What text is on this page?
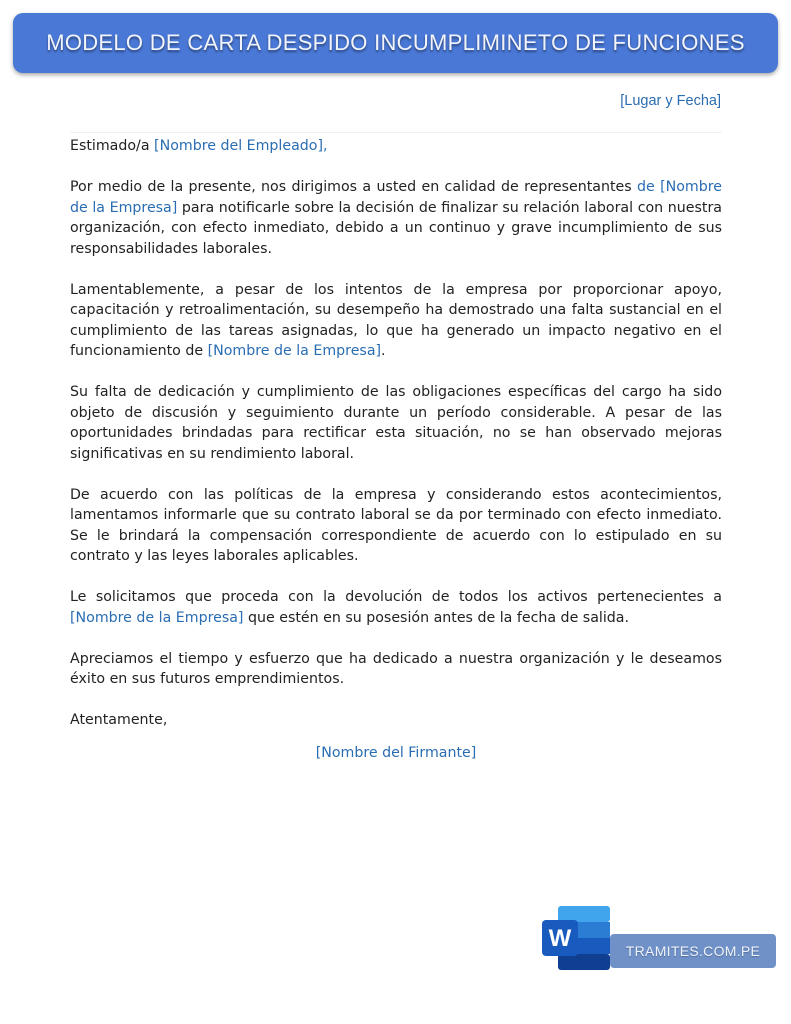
MODELO DE CARTA DESPIDO INCUMPLIMINETO DE FUNCIONES
[Lugar y Fecha]

Estimado/a [Nombre del Empleado],

Por medio de la presente, nos dirigimos a usted en calidad de representantes de [Nombre de la Empresa] para notificarle sobre la decisión de finalizar su relación laboral con nuestra organización, con efecto inmediato, debido a un continuo y grave incumplimiento de sus responsabilidades laborales.

Lamentablemente, a pesar de los intentos de la empresa por proporcionar apoyo, capacitación y retroalimentación, su desempeño ha demostrado una falta sustancial en el cumplimiento de las tareas asignadas, lo que ha generado un impacto negativo en el funcionamiento de [Nombre de la Empresa].

Su falta de dedicación y cumplimiento de las obligaciones específicas del cargo ha sido objeto de discusión y seguimiento durante un período considerable. A pesar de las oportunidades brindadas para rectificar esta situación, no se han observado mejoras significativas en su rendimiento laboral.

De acuerdo con las políticas de la empresa y considerando estos acontecimientos, lamentamos informarle que su contrato laboral se da por terminado con efecto inmediato. Se le brindará la compensación correspondiente de acuerdo con lo estipulado en su contrato y las leyes laborales aplicables.

Le solicitamos que proceda con la devolución de todos los activos pertenecientes a [Nombre de la Empresa] que estén en su posesión antes de la fecha de salida.

Apreciamos el tiempo y esfuerzo que ha dedicado a nuestra organización y le deseamos éxito en sus futuros emprendimientos.

Atentamente,

[Nombre del Firmante]
W	TRAMITES.COM.PE
